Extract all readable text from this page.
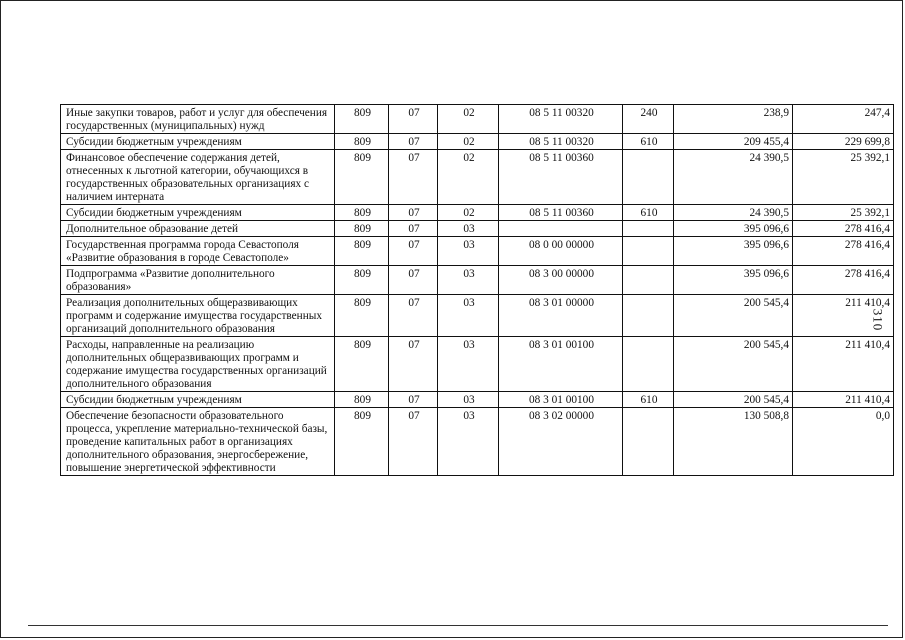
Иные закупки товаров, работ и услуг для обеспечения государственных (муниципальных) нужд	809	07	02	08 5 11 00320	240	238,9	247,4
Субсидии бюджетным учреждениям	809	07	02	08 5 11 00320	610	209 455,4	229 699,8
Финансовое обеспечение содержания детей, отнесенных к льготной категории, обучающихся в государственных образовательных организациях с наличием интерната	809	07	02	08 5 11 00360		24 390,5	25 392,1
Субсидии бюджетным учреждениям	809	07	02	08 5 11 00360	610	24 390,5	25 392,1
Дополнительное образование детей	809	07	03			395 096,6	278 416,4
Государственная программа города Севастополя «Развитие образования в городе Севастополе»	809	07	03	08 0 00 00000		395 096,6	278 416,4
Подпрограмма «Развитие дополнительного образования»	809	07	03	08 3 00 00000		395 096,6	278 416,4
Реализация дополнительных общеразвивающих программ и содержание имущества государственных организаций дополнительного образования	809	07	03	08 3 01 00000		200 545,4	211 410,4
Расходы, направленные на реализацию дополнительных общеразвивающих программ и содержание имущества государственных организаций дополнительного образования	809	07	03	08 3 01 00100		200 545,4	211 410,4
Субсидии бюджетным учреждениям	809	07	03	08 3 01 00100	610	200 545,4	211 410,4
Обеспечение безопасности образовательного процесса, укрепление материально-технической базы, проведение капитальных работ в организациях дополнительного образования, энергосбережение, повышение энергетической эффективности	809	07	03	08 3 02 00000		130 508,8	0,0
310
